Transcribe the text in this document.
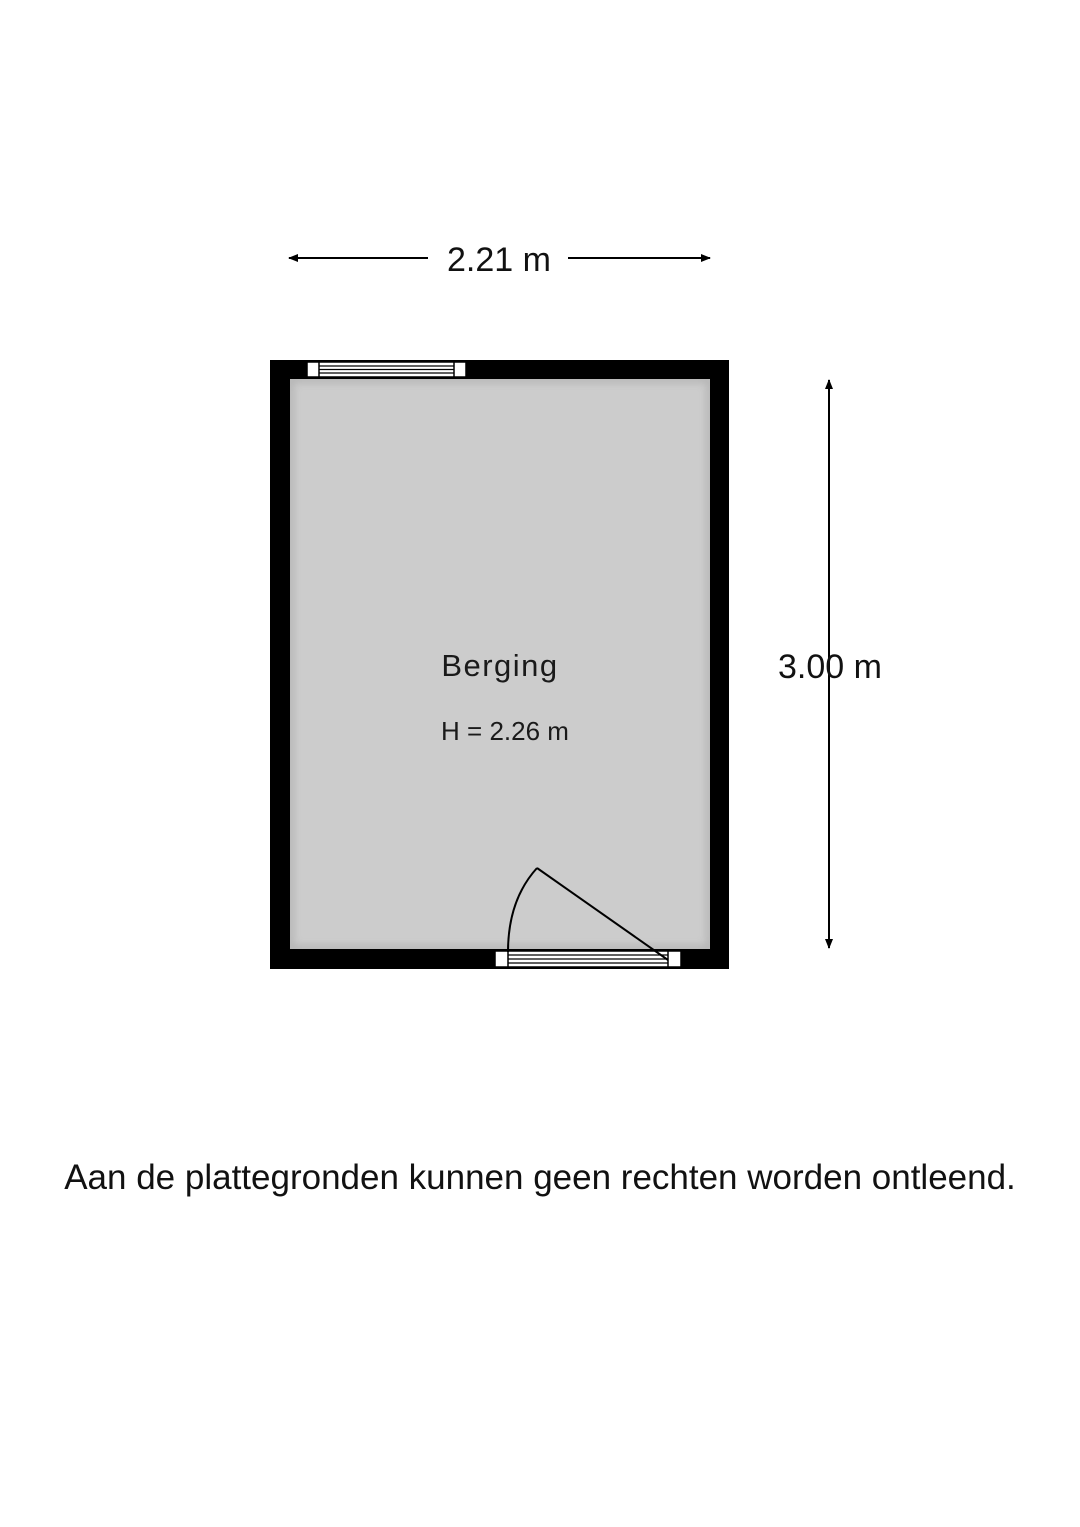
2.21 m
3.00 m
Berging
H = 2.26 m
Aan de plattegronden kunnen geen rechten worden ontleend.
